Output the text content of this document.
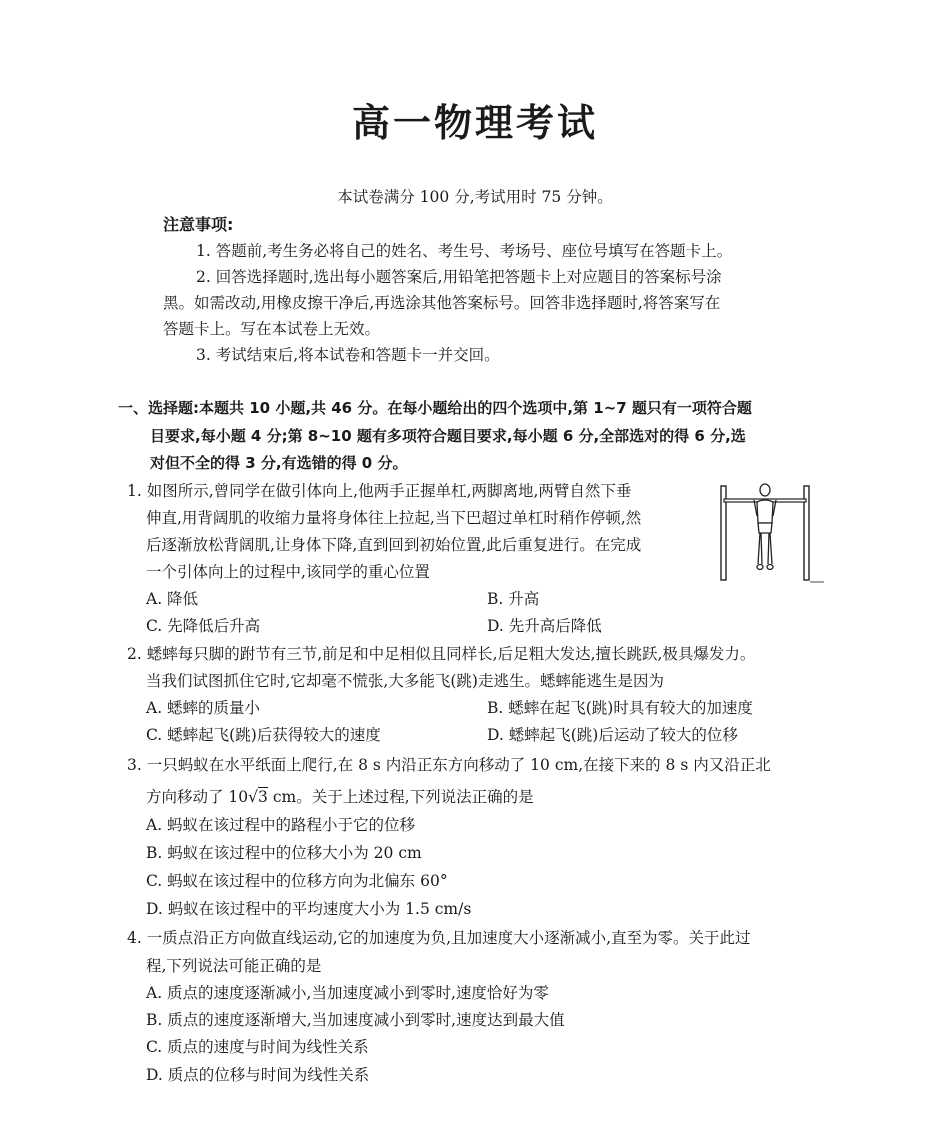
高一物理考试
本试卷满分 100 分,考试用时 75 分钟。
注意事项:
1. 答题前,考生务必将自己的姓名、考生号、考场号、座位号填写在答题卡上。
2. 回答选择题时,选出每小题答案后,用铅笔把答题卡上对应题目的答案标号涂
黑。如需改动,用橡皮擦干净后,再选涂其他答案标号。回答非选择题时,将答案写在
答题卡上。写在本试卷上无效。
3. 考试结束后,将本试卷和答题卡一并交回。
一、选择题:本题共 10 小题,共 46 分。在每小题给出的四个选项中,第 1~7 题只有一项符合题
目要求,每小题 4 分;第 8~10 题有多项符合题目要求,每小题 6 分,全部选对的得 6 分,选
对但不全的得 3 分,有选错的得 0 分。
1. 如图所示,曾同学在做引体向上,他两手正握单杠,两脚离地,两臂自然下垂
伸直,用背阔肌的收缩力量将身体往上拉起,当下巴超过单杠时稍作停顿,然
后逐渐放松背阔肌,让身体下降,直到回到初始位置,此后重复进行。在完成
一个引体向上的过程中,该同学的重心位置
A. 降低	B. 升高
C. 先降低后升高	D. 先升高后降低
2. 蟋蟀每只脚的跗节有三节,前足和中足相似且同样长,后足粗大发达,擅长跳跃,极具爆发力。
当我们试图抓住它时,它却毫不慌张,大多能飞(跳)走逃生。蟋蟀能逃生是因为
A. 蟋蟀的质量小	B. 蟋蟀在起飞(跳)时具有较大的加速度
C. 蟋蟀起飞(跳)后获得较大的速度	D. 蟋蟀起飞(跳)后运动了较大的位移
3. 一只蚂蚁在水平纸面上爬行,在 8 s 内沿正东方向移动了 10 cm,在接下来的 8 s 内又沿正北
方向移动了 10√3 cm。关于上述过程,下列说法正确的是
A. 蚂蚁在该过程中的路程小于它的位移
B. 蚂蚁在该过程中的位移大小为 20 cm
C. 蚂蚁在该过程中的位移方向为北偏东 60°
D. 蚂蚁在该过程中的平均速度大小为 1.5 cm/s
4. 一质点沿正方向做直线运动,它的加速度为负,且加速度大小逐渐减小,直至为零。关于此过
程,下列说法可能正确的是
A. 质点的速度逐渐减小,当加速度减小到零时,速度恰好为零
B. 质点的速度逐渐增大,当加速度减小到零时,速度达到最大值
C. 质点的速度与时间为线性关系
D. 质点的位移与时间为线性关系
